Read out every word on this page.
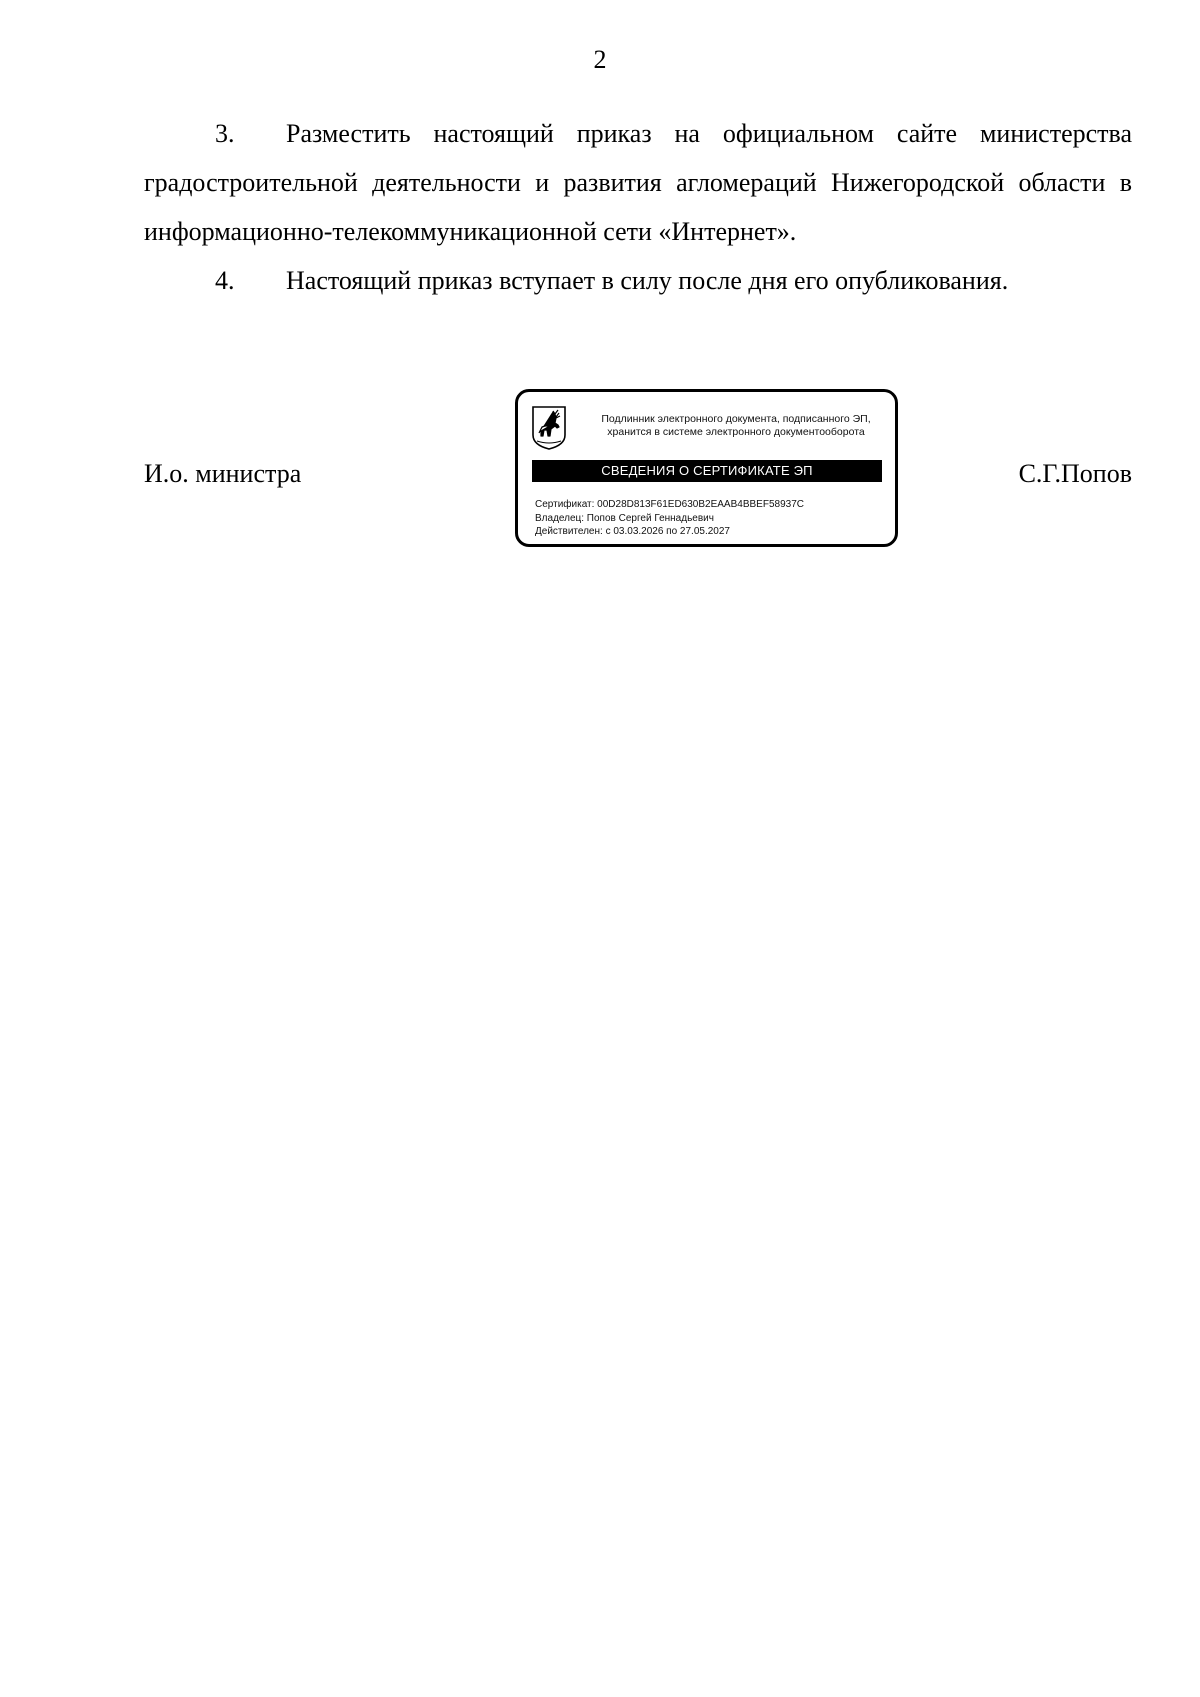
2
3. Разместить настоящий приказ на официальном сайте министерства градостроительной деятельности и развития агломераций Нижегородской области в информационно-телекоммуникационной сети «Интернет».
4. Настоящий приказ вступает в силу после дня его опубликования.
И.о. министра
Подлинник электронного документа, подписанного ЭП,
хранится в системе электронного документооборота
СВЕДЕНИЯ О СЕРТИФИКАТЕ ЭП
Сертификат: 00D28D813F61ED630B2EAAB4BBEF58937C
Владелец: Попов Сергей Геннадьевич
Действителен: с 03.03.2026 по 27.05.2027
С.Г.Попов
